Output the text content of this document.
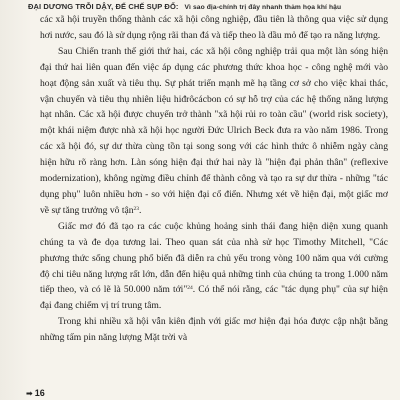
ĐẠI DƯƠNG TRỖI DẬY, ĐẾ CHẾ SỤP ĐỔ: Vì sao địa-chính trị đây nhanh thảm họa khí hậu

các xã hội truyền thống thành các xã hội công nghiệp, đầu tiên là thông qua việc sử dụng hơi nước, sau đó là sử dụng rộng rãi than đá và tiếp theo là dầu mỏ để tạo ra năng lượng.

Sau Chiến tranh thế giới thứ hai, các xã hội công nghiệp trải qua một làn sóng hiện đại thứ hai liên quan đến việc áp dụng các phương thức khoa học - công nghệ mới vào hoạt động sản xuất và tiêu thụ. Sự phát triển mạnh mẽ hạ tầng cơ sở cho việc khai thác, vận chuyển và tiêu thụ nhiên liệu hiđrôcácbon có sự hỗ trợ của các hệ thống năng lượng hạt nhân. Các xã hội được chuyển trở thành "xã hội rủi ro toàn cầu" (world risk society), một khái niệm được nhà xã hội học người Đức Ulrich Beck đưa ra vào năm 1986. Trong các xã hội đó, sự dư thừa cùng tồn tại song song với các hình thức ô nhiễm ngày càng hiện hữu rõ ràng hơn. Làn sóng hiện đại thứ hai này là "hiện đại phản thân" (reflexive modernization), không ngừng điều chỉnh để thành công và tạo ra sự dư thừa - những "tác dụng phụ" luôn nhiều hơn - so với hiện đại cổ điển. Nhưng xét về hiện đại, một giấc mơ về sự tăng trưởng vô tận$^{23}$.

Giấc mơ đó đã tạo ra các cuộc khủng hoảng sinh thái đang hiện diện xung quanh chúng ta và đe dọa tương lai. Theo quan sát của nhà sử học Timothy Mitchell, "Các phương thức sống chung phổ biến đã diễn ra chủ yếu trong vòng 100 năm qua với cường độ chi tiêu năng lượng rất lớn, dẫn đến hiệu quả những tinh của chúng ta trong 1.000 năm tiếp theo, và có lẽ là 50.000 năm tới"$^{24}$. Có thể nói rằng, các "tác dụng phụ" của sự hiện đại đang chiếm vị trí trung tâm.

Trong khi nhiều xã hội vẫn kiên định với giấc mơ hiện đại hóa được cập nhật bằng những tấm pin năng lượng Mặt trời và

➡ 16
